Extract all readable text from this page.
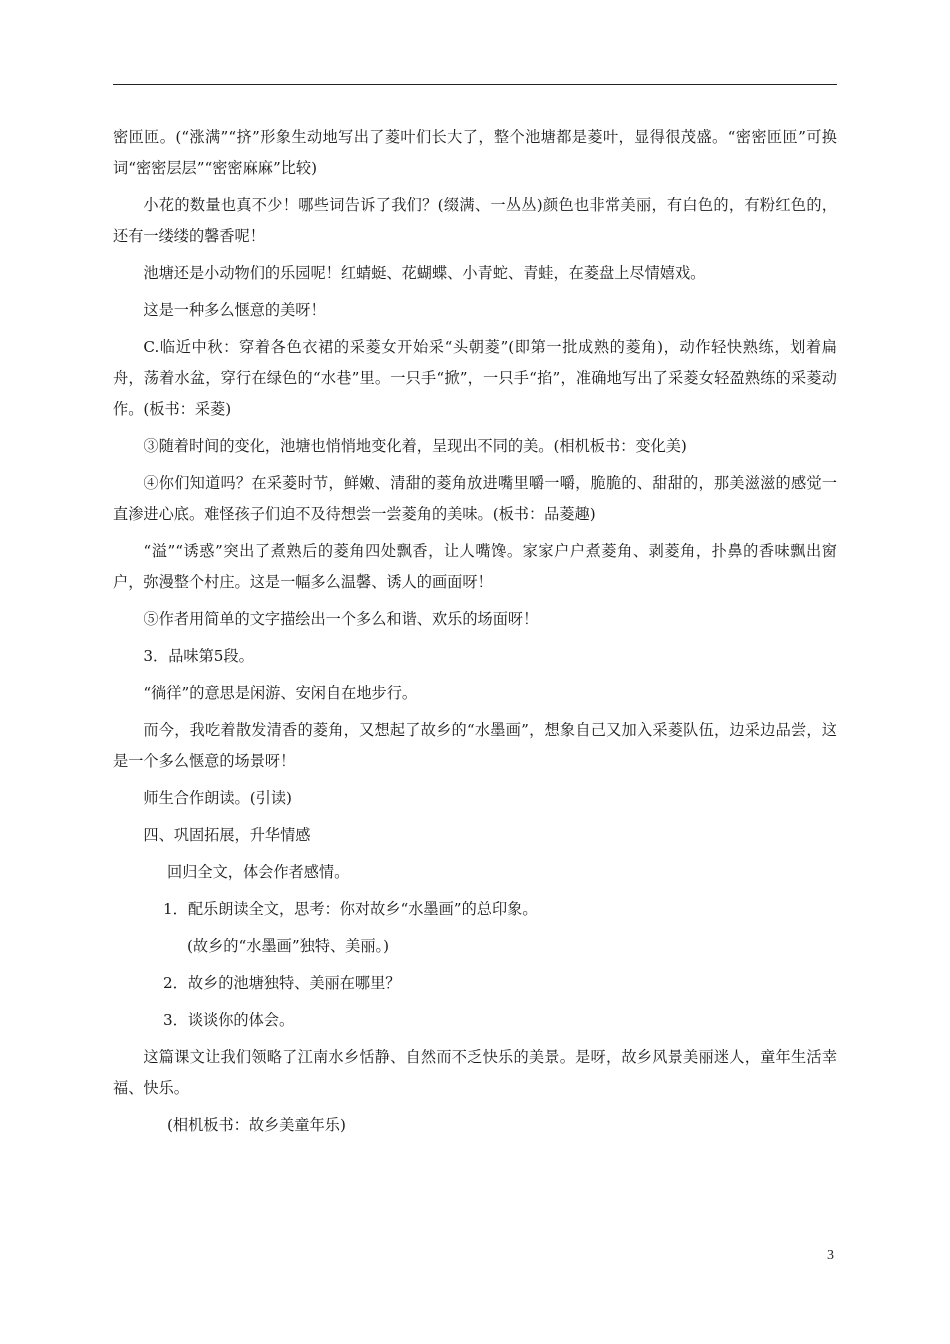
密匝匝。(“涨满”“挤”形象生动地写出了菱叶们长大了，整个池塘都是菱叶，显得很茂盛。“密密匝匝”可换词“密密层层”“密密麻麻”比较)

小花的数量也真不少！哪些词告诉了我们？(缀满、一丛丛)颜色也非常美丽，有白色的，有粉红色的，还有一缕缕的馨香呢！

池塘还是小动物们的乐园呢！红蜻蜓、花蝴蝶、小青蛇、青蛙，在菱盘上尽情嬉戏。

这是一种多么惬意的美呀！

C.临近中秋：穿着各色衣裙的采菱女开始采“头朝菱”(即第一批成熟的菱角)，动作轻快熟练，划着扁舟，荡着水盆，穿行在绿色的“水巷”里。一只手“掀”，一只手“掐”，准确地写出了采菱女轻盈熟练的采菱动作。(板书：采菱)

③随着时间的变化，池塘也悄悄地变化着，呈现出不同的美。(相机板书：变化美)

④你们知道吗？在采菱时节，鲜嫩、清甜的菱角放进嘴里嚼一嚼，脆脆的、甜甜的，那美滋滋的感觉一直渗进心底。难怪孩子们迫不及待想尝一尝菱角的美味。(板书：品菱趣)

“溢”“诱惑”突出了煮熟后的菱角四处飘香，让人嘴馋。家家户户煮菱角、剥菱角，扑鼻的香味飘出窗户，弥漫整个村庄。这是一幅多么温馨、诱人的画面呀！

⑤作者用简单的文字描绘出一个多么和谐、欢乐的场面呀！

3．品味第5段。

“徜徉”的意思是闲游、安闲自在地步行。

而今，我吃着散发清香的菱角，又想起了故乡的“水墨画”，想象自己又加入采菱队伍，边采边品尝，这是一个多么惬意的场景呀！

师生合作朗读。(引读)

四、巩固拓展，升华情感

回归全文，体会作者感情。

1．配乐朗读全文，思考：你对故乡“水墨画”的总印象。

(故乡的“水墨画”独特、美丽。)

2．故乡的池塘独特、美丽在哪里？

3．谈谈你的体会。

这篇课文让我们领略了江南水乡恬静、自然而不乏快乐的美景。是呀，故乡风景美丽迷人，童年生活幸福、快乐。

(相机板书：故乡美童年乐)

3
